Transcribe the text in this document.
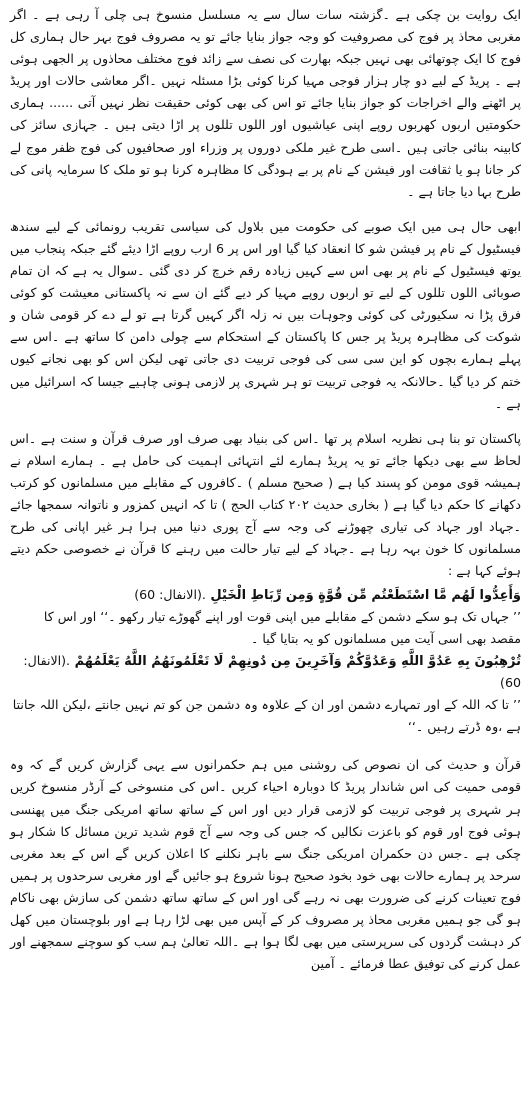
ایک روایت بن چکی ہے ۔گزشتہ سات سال سے یہ مسلسل منسوخ ہی چلی آ رہی ہے ۔ اگر مغربی محاذ پر فوج کی مصروفیت کو وجہ جواز بنایا جائے تو یہ مصروف فوج بہر حال ہماری کل فوج کا ایک چوتھائی بھی نہیں جبکہ بھارت کی نصف سے زائد فوج مختلف محاذوں پر الجھی ہوئی ہے ۔ پریڈ کے لیے دو چار ہزار فوجی مہیا کرنا کوئی بڑا مسئلہ نہیں ۔اگر معاشی حالات اور پریڈ پر اٹھنے والے اخراجات کو جواز بنایا جائے تو اس کی بھی کوئی حقیقت نظر نہیں آتی ...... ہماری حکومتیں اربوں کھربوں روپے اپنی عیاشیوں اور اللوں تللوں پر اڑا دیتی ہیں ۔ جہازی سائز کی کابینہ بنائی جاتی ہیں ۔اسی طرح غیر ملکی دوروں پر وزراء اور صحافیوں کی فوج ظفر موج لے کر جانا ہو یا ثقافت اور فیشن کے نام پر بے ہودگی کا مظاہرہ کرنا ہو تو ملک کا سرمایہ پانی کی طرح بہا دیا جاتا ہے ۔

ابھی حال ہی میں ایک صوبے کی حکومت میں بلاول کی سیاسی تقریب رونمائی کے لیے سندھ فیسٹیول کے نام پر فیشن شو کا انعقاد کیا گیا اور اس پر 6 ارب روپے اڑا دیئے گئے جبکہ پنجاب میں یوتھ فیسٹیول کے نام پر بھی اس سے کہیں زیادہ رقم خرچ کر دی گئی ۔سوال یہ ہے کہ ان تمام صوبائی اللوں تللوں کے لیے تو اربوں روپے مہیا کر دیے گئے ان سے نہ پاکستانی معیشت کو کوئی فرق پڑا نہ سکیورٹی کی کوئی وجوہات بیں نہ زلہ اگر کہیں گرتا ہے تو لے دے کر قومی شان و شوکت کی مظاہرہ پریڈ پر جس کا پاکستان کے استحکام سے چولی دامن کا ساتھ ہے ۔اس سے پہلے ہمارے بچوں کو این سی سی کی فوجی تربیت دی جاتی تھی لیکن اس کو بھی نجانے کیوں ختم کر دیا گیا ۔حالانکہ یہ فوجی تربیت تو ہر شہری پر لازمی ہونی چاہیے جیسا کہ اسرائیل میں ہے ۔

پاکستان تو بنا ہی نظریہ اسلام پر تھا ۔اس کی بنیاد بھی صرف اور صرف قرآن و سنت ہے ۔اس لحاظ سے بھی دیکھا جائے تو یہ پریڈ ہمارے لئے انتہائی اہمیت کی حامل ہے ۔ ہمارے اسلام نے ہمیشہ قوی مومن کو پسند کیا ہے ( صحیح مسلم ) ۔کافروں کے مقابلے میں مسلمانوں کو کرتب دکھانے کا حکم دیا گیا ہے ( بخاری حدیث ۲۰۲ کتاب الحج ) تا کہ انہیں کمزور و ناتوانہ سمجھا جائے ۔جہاد اور جہاد کی تیاری چھوڑنے کی وجہ سے آج پوری دنیا میں ہرا ہر غیر اپانی کی طرح مسلمانوں کا خون بہہ رہا ہے ۔جہاد کے لیے تیار حالت میں رہنے کا قرآن نے خصوصی حکم دیتے ہوئے کہا ہے :

وَأَعِدُّوا لَهُم مَّا اسْتَطَعْتُم مِّن قُوَّةٍ وَمِن رِّبَاطِ الْخَيْلِ .(الانفال: 60)

’’ جہاں تک ہو سکے دشمن کے مقابلے میں اپنی قوت اور اپنے گھوڑے تیار رکھو ۔‘‘ اور اس کا مقصد بھی اسی آیت میں مسلمانوں کو یہ بتایا گیا ۔

تُرْهِبُونَ بِهِ عَدُوَّ اللَّهِ وَعَدُوَّكُمْ وَآخَرِينَ مِن دُونِهِمْ لَا تَعْلَمُونَهُمُ اللَّهُ يَعْلَمُهُمْ .(الانفال: 60)

’’ تا کہ اللہ کے اور تمہارے دشمن اور ان کے علاوہ وہ دشمن جن کو تم نہیں جانتے ،لیکن اللہ جانتا ہے ،وہ ڈرتے رہیں ۔‘‘

قرآن و حدیث کی ان نصوص کی روشنی میں ہم حکمرانوں سے یہی گزارش کریں گے کہ وہ قومی حمیت کی اس شاندار پریڈ کا دوبارہ احیاء کریں ۔اس کی منسوخی کے آرڈر منسوخ کریں ہر شہری پر فوجی تربیت کو لازمی قرار دیں اور اس کے ساتھ ساتھ امریکی جنگ میں پھنسی ہوئی فوج اور قوم کو باعزت نکالیں کہ جس کی وجہ سے آج قوم شدید ترین مسائل کا شکار ہو چکی ہے ۔جس دن حکمران امریکی جنگ سے باہر نکلنے کا اعلان کریں گے اس کے بعد مغربی سرحد پر ہمارے حالات بھی خود بخود صحیح ہونا شروع ہو جائیں گے اور مغربی سرحدوں پر ہمیں فوج تعینات کرنے کی ضرورت بھی نہ رہے گی اور اس کے ساتھ ساتھ دشمن کی سازش بھی ناکام ہو گی جو ہمیں مغربی محاذ پر مصروف کر کے آپس میں بھی لڑا رہا ہے اور بلوچستان میں کھل کر دہشت گردوں کی سرپرستی میں بھی لگا ہوا ہے ۔اللہ تعالیٰ ہم سب کو سوچنے سمجھنے اور عمل کرنے کی توفیق عطا فرمائے ۔ آمین
